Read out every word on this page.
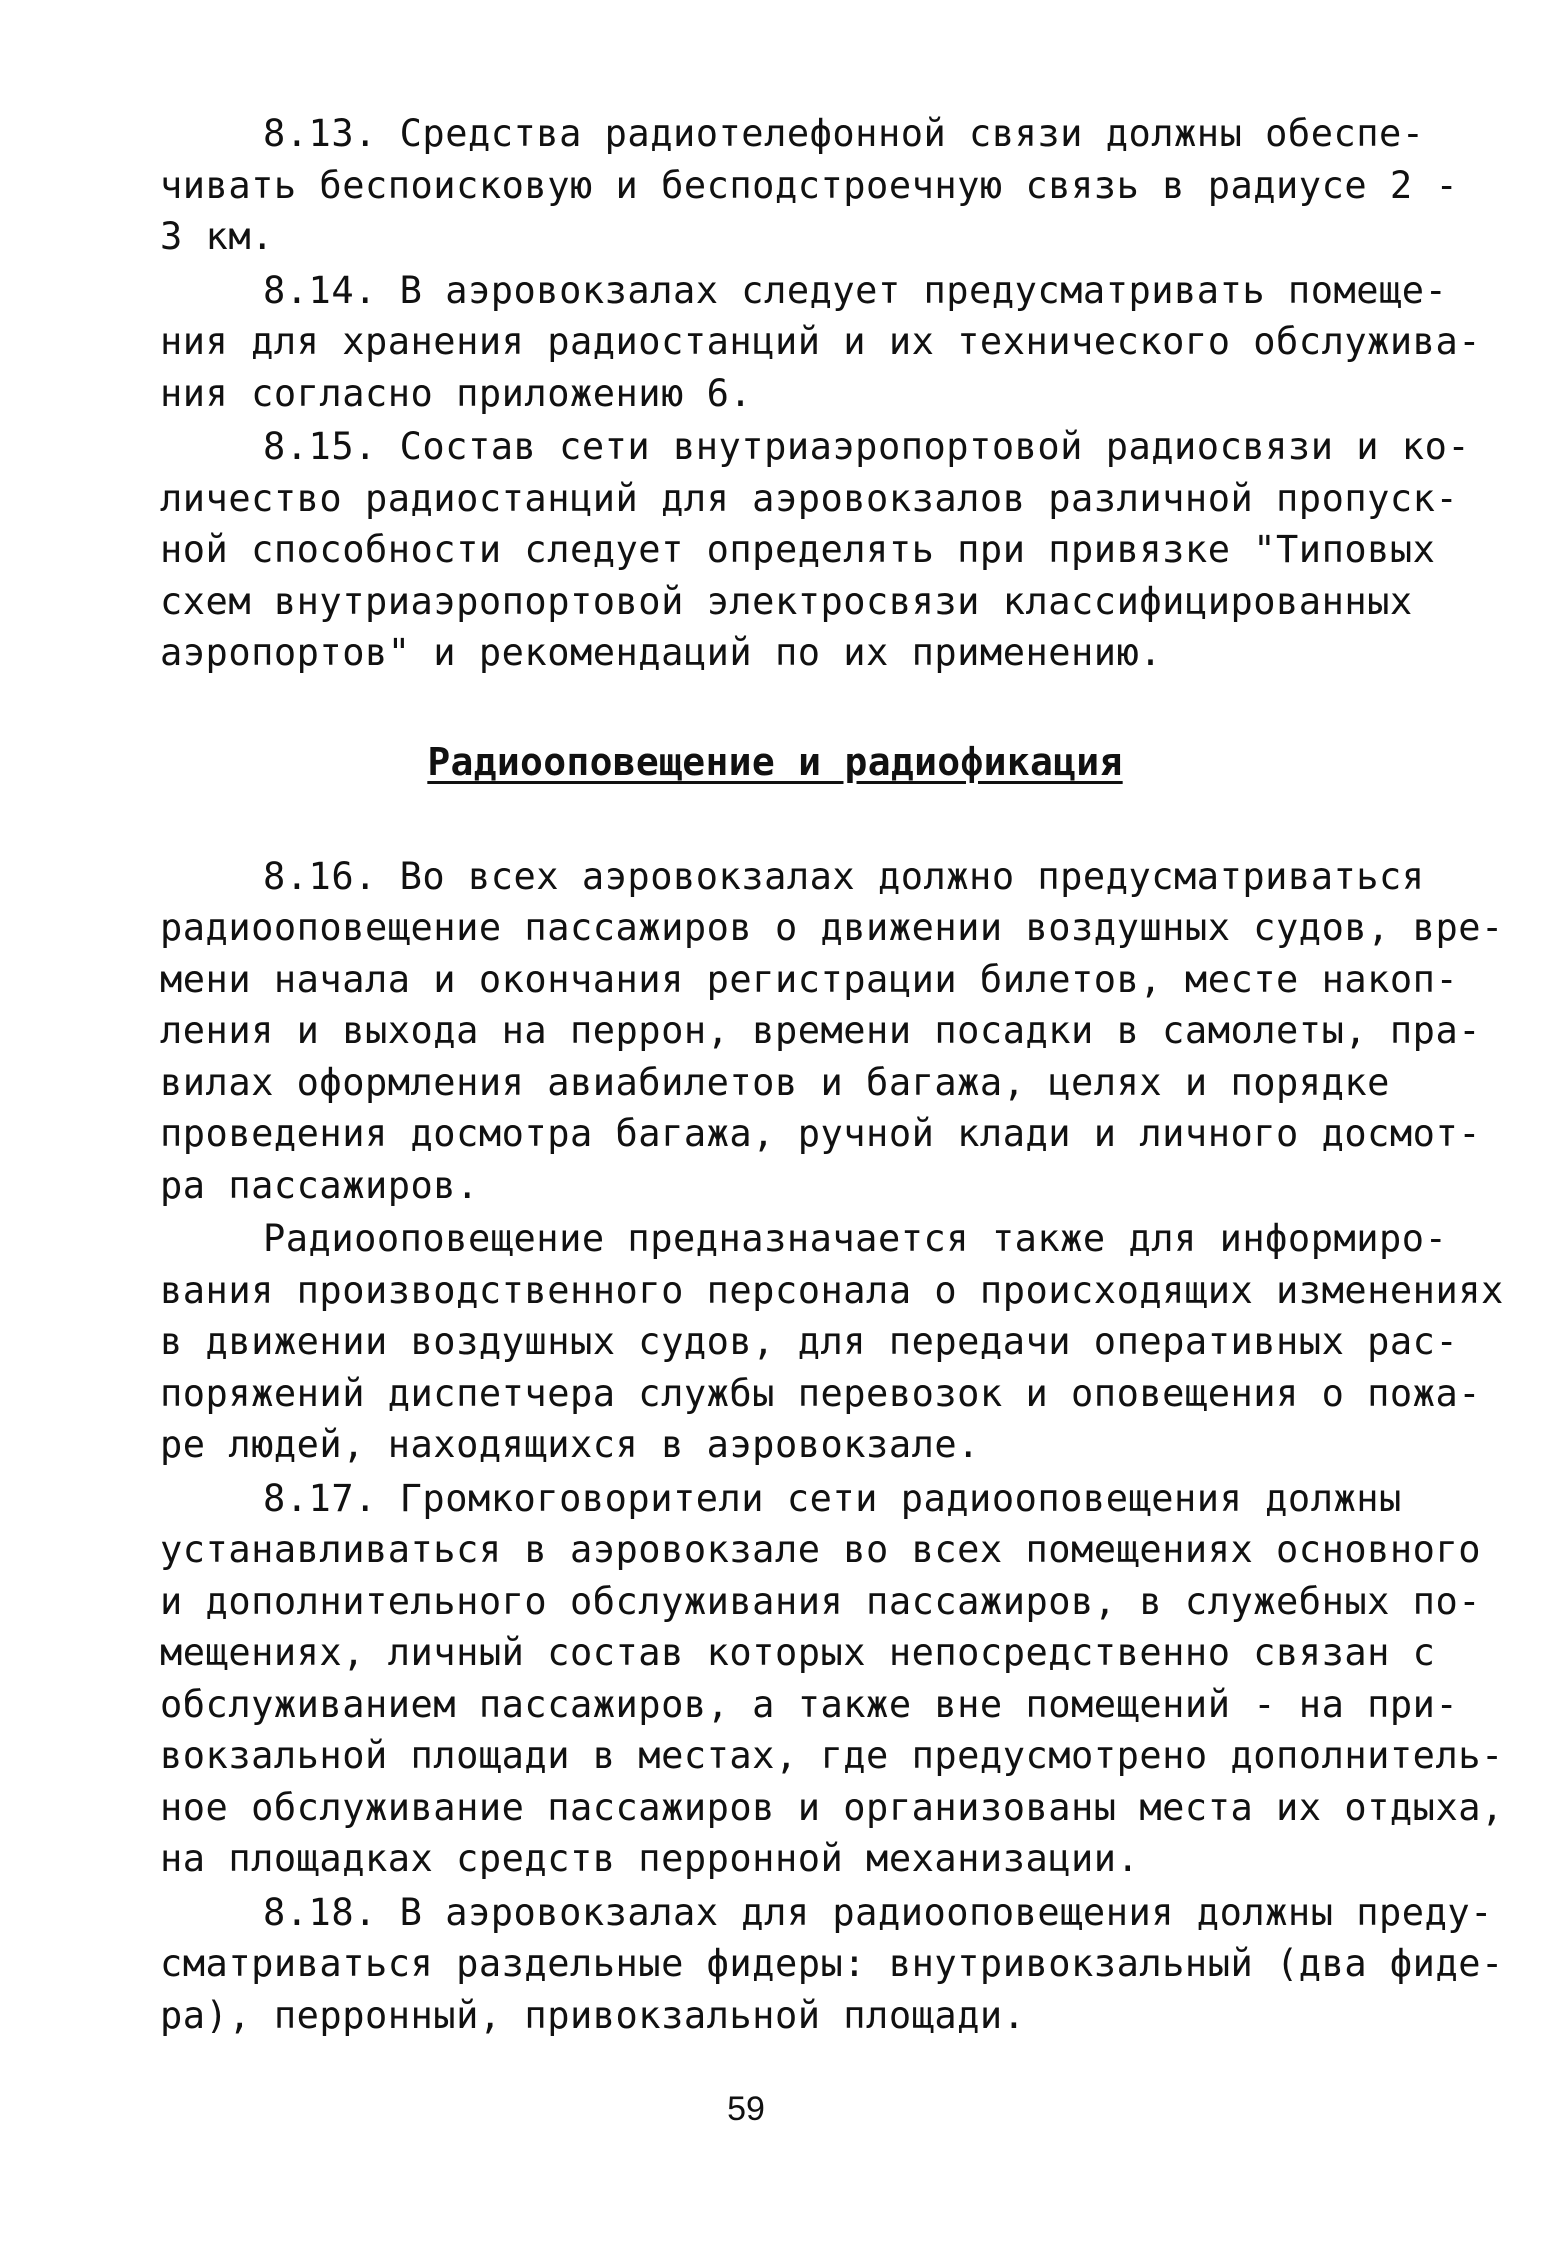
8.13. Средства радиотелефонной связи должны обеспе-
чивать беспоисковую и бесподстроечную связь в радиусе 2 -
3 км.

8.14. В аэровокзалах следует предусматривать помеще-
ния для хранения радиостанций и их технического обслужива-
ния согласно приложению 6.

8.15. Состав сети внутриаэропортовой радиосвязи и ко-
личество радиостанций для аэровокзалов различной пропуск-
ной способности следует определять при привязке "Типовых
схем внутриаэропортовой электросвязи классифицированных
аэропортов" и рекомендаций по их применению.

Радиооповещение и радиофикация

8.16. Во всех аэровокзалах должно предусматриваться
радиооповещение пассажиров о движении воздушных судов, вре-
мени начала и окончания регистрации билетов, месте накоп-
ления и выхода на перрон, времени посадки в самолеты, пра-
вилах оформления авиабилетов и багажа, целях и порядке
проведения досмотра багажа, ручной клади и личного досмот-
ра пассажиров.

Радиооповещение предназначается также для информиро-
вания производственного персонала о происходящих изменениях
в движении воздушных судов, для передачи оперативных рас-
поряжений диспетчера службы перевозок и оповещения о пожа-
ре людей, находящихся в аэровокзале.

8.17. Громкоговорители сети радиооповещения должны
устанавливаться в аэровокзале во всех помещениях основного
и дополнительного обслуживания пассажиров, в служебных по-
мещениях, личный состав которых непосредственно связан с
обслуживанием пассажиров, а также вне помещений - на при-
вокзальной площади в местах, где предусмотрено дополнитель-
ное обслуживание пассажиров и организованы места их отдыха,
на площадках средств перронной механизации.

8.18. В аэровокзалах для радиооповещения должны преду-
сматриваться раздельные фидеры: внутривокзальный (два фиде-
ра), перронный, привокзальной площади.

59
